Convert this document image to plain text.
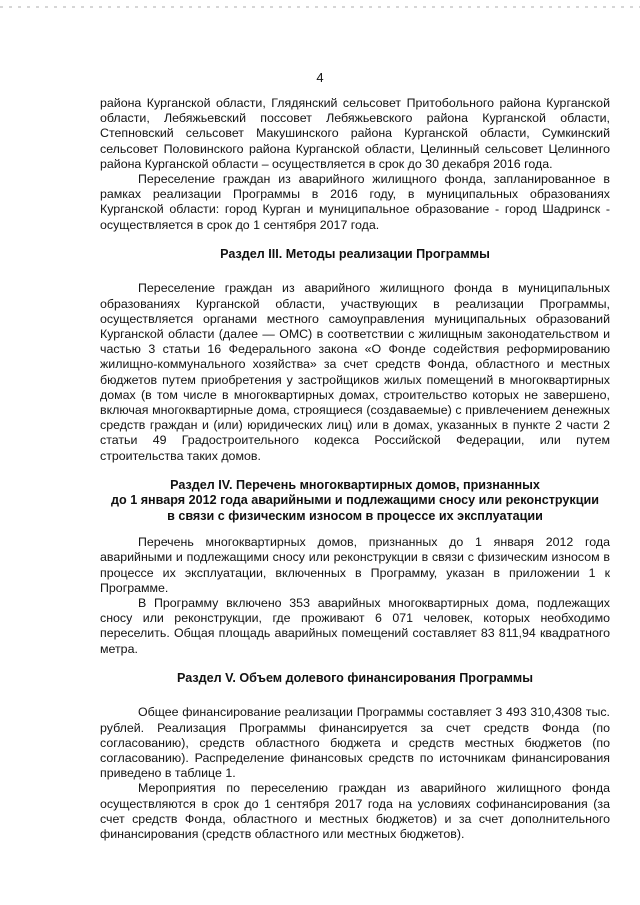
4

района Курганской области, Глядянский сельсовет Притобольного района Курганской области, Лебяжьевский поссовет Лебяжьевского района Курганской области, Степновский сельсовет Макушинского района Курганской области, Сумкинский сельсовет Половинского района Курганской области, Целинный сельсовет Целинного района Курганской области – осуществляется в срок до 30 декабря 2016 года.

Переселение граждан из аварийного жилищного фонда, запланированное в рамках реализации Программы в 2016 году, в муниципальных образованиях Курганской области: город Курган и муниципальное образование - город Шадринск - осуществляется в срок до 1 сентября 2017 года.

Раздел III. Методы реализации Программы

Переселение граждан из аварийного жилищного фонда в муниципальных образованиях Курганской области, участвующих в реализации Программы, осуществляется органами местного самоуправления муниципальных образований Курганской области (далее — ОМС) в соответствии с жилищным законодательством и частью 3 статьи 16 Федерального закона «О Фонде содействия реформированию жилищно-коммунального хозяйства» за счет средств Фонда, областного и местных бюджетов путем приобретения у застройщиков жилых помещений в многоквартирных домах (в том числе в многоквартирных домах, строительство которых не завершено, включая многоквартирные дома, строящиеся (создаваемые) с привлечением денежных средств граждан и (или) юридических лиц) или в домах, указанных в пункте 2 части 2 статьи 49 Градостроительного кодекса Российской Федерации, или путем строительства таких домов.

Раздел IV. Перечень многоквартирных домов, признанных

до 1 января 2012 года аварийными и подлежащими сносу или реконструкции

в связи с физическим износом в процессе их эксплуатации

Перечень многоквартирных домов, признанных до 1 января 2012 года аварийными и подлежащими сносу или реконструкции в связи с физическим износом в процессе их эксплуатации, включенных в Программу, указан в приложении 1 к Программе.

В Программу включено 353 аварийных многоквартирных дома, подлежащих сносу или реконструкции, где проживают 6 071 человек, которых необходимо переселить. Общая площадь аварийных помещений составляет 83 811,94 квадратного метра.

Раздел V. Объем долевого финансирования Программы

Общее финансирование реализации Программы составляет 3 493 310,4308 тыс. рублей. Реализация Программы финансируется за счет средств Фонда (по согласованию), средств областного бюджета и средств местных бюджетов (по согласованию). Распределение финансовых средств по источникам финансирования приведено в таблице 1.

Мероприятия по переселению граждан из аварийного жилищного фонда осуществляются в срок до 1 сентября 2017 года на условиях софинансирования (за счет средств Фонда, областного и местных бюджетов) и за счет дополнительного финансирования (средств областного или местных бюджетов).
